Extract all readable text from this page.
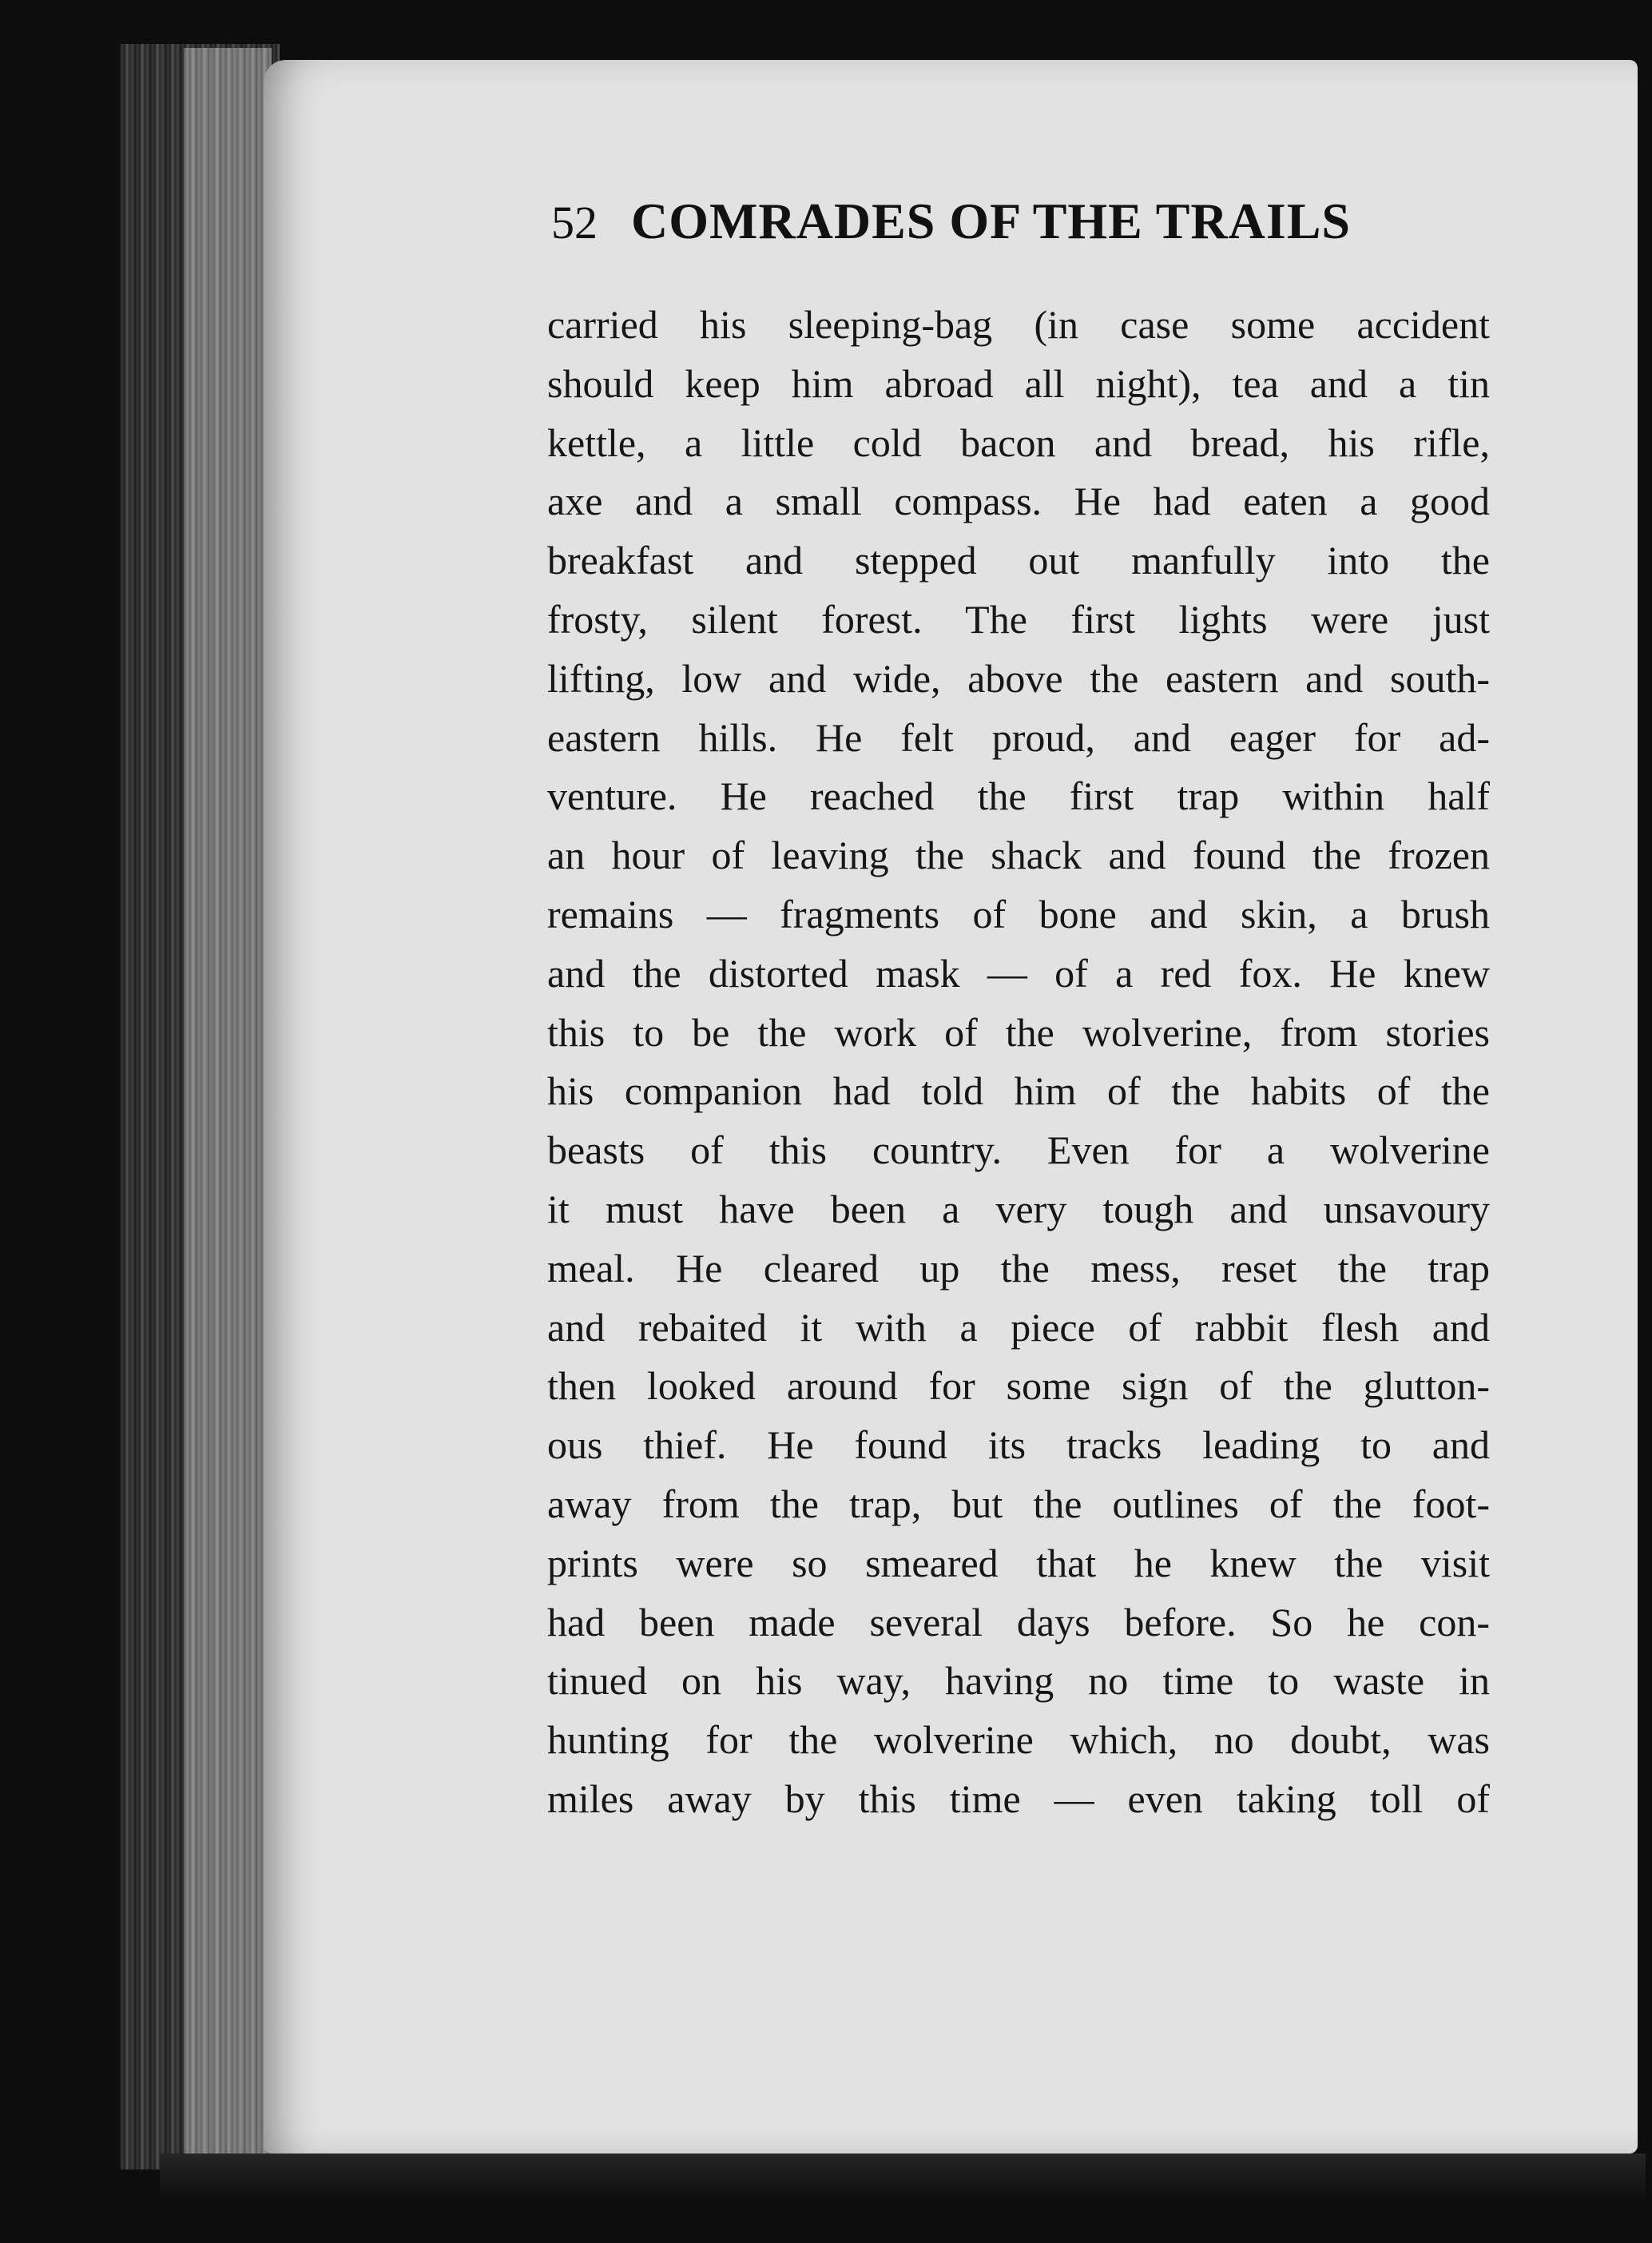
52 COMRADES OF THE TRAILS
carried his sleeping-bag (in case some accident
should keep him abroad all night), tea and a tin
kettle, a little cold bacon and bread, his rifle,
axe and a small compass. He had eaten a good
breakfast and stepped out manfully into the
frosty, silent forest. The first lights were just
lifting, low and wide, above the eastern and south-
eastern hills. He felt proud, and eager for ad-
venture. He reached the first trap within half
an hour of leaving the shack and found the frozen
remains — fragments of bone and skin, a brush
and the distorted mask — of a red fox. He knew
this to be the work of the wolverine, from stories
his companion had told him of the habits of the
beasts of this country. Even for a wolverine
it must have been a very tough and unsavoury
meal. He cleared up the mess, reset the trap
and rebaited it with a piece of rabbit flesh and
then looked around for some sign of the glutton-
ous thief. He found its tracks leading to and
away from the trap, but the outlines of the foot-
prints were so smeared that he knew the visit
had been made several days before. So he con-
tinued on his way, having no time to waste in
hunting for the wolverine which, no doubt, was
miles away by this time — even taking toll of
